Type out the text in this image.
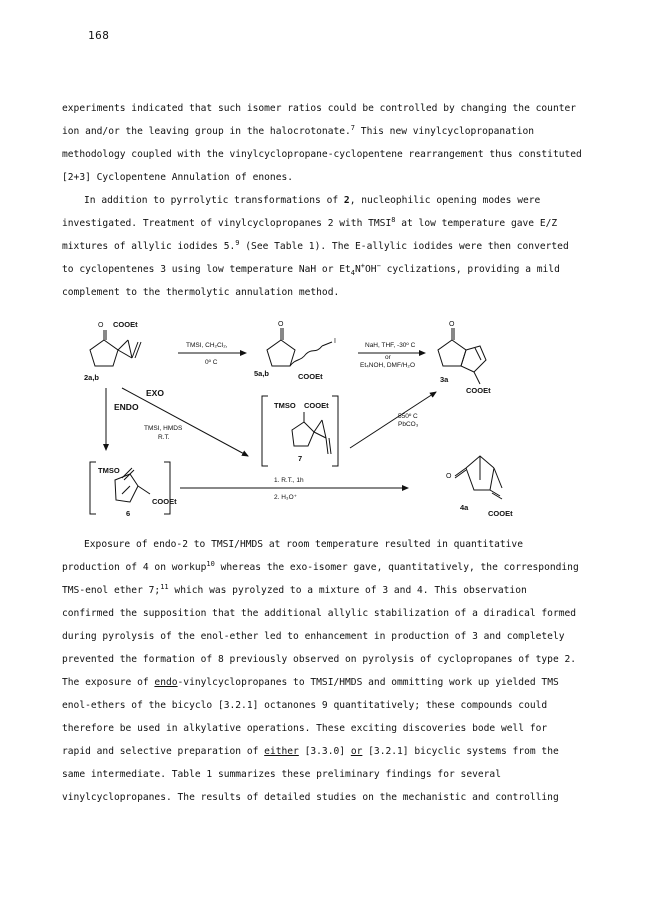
168
experiments indicated that such isomer ratios could be controlled by changing the counter
ion and/or the leaving group in the halocrotonate.$^7$ This new vinylcyclopropanation
methodology coupled with the vinylcyclopropane-cyclopentene rearrangement thus constituted
[2+3] Cyclopentene Annulation of enones.
In addition to pyrrolytic transformations of 2, nucleophilic opening modes were
investigated. Treatment of vinylcyclopropanes 2 with TMSI$^8$ at low temperature gave E/Z
mixtures of allylic iodides 5.$^9$ (See Table 1). The E-allylic iodides were then converted
to cyclopentenes 3 using low temperature NaH or $Et_4N^+OH^-$ cyclizations, providing a mild
complement to the thermolytic annulation method.
O COOEt
2a,b
TMSI, CH₂Cl₂,
0º C
O
I
5a,b	COOEt
NaH, THF, -30º C
or
Et₄NOH, DMF/H₂O
O
3a
COOEt
EXO
ENDO
TMSI, HMDS
R.T.
TMSO COOEt
7
550º C
PbCO₃
TMSO
COOEt
6
1. R.T., 1h
2. H₃O⁺
O
4a
COOEt
Exposure of endo-2 to TMSI/HMDS at room temperature resulted in quantitative
production of 4 on workup$^{10}$ whereas the exo-isomer gave, quantitatively, the corresponding
TMS-enol ether 7;$^{11}$ which was pyrolyzed to a mixture of 3 and 4. This observation
confirmed the supposition that the additional allylic stabilization of a diradical formed
during pyrolysis of the enol-ether led to enhancement in production of 3 and completely
prevented the formation of 8 previously observed on pyrolysis of cyclopropanes of type 2.
The exposure of endo-vinylcyclopropanes to TMSI/HMDS and ommitting work up yielded TMS
enol-ethers of the bicyclo [3.2.1] octanones 9 quantitatively; these compounds could
therefore be used in alkylative operations. These exciting discoveries bode well for
rapid and selective preparation of either [3.3.0] or [3.2.1] bicyclic systems from the
same intermediate. Table 1 summarizes these preliminary findings for several
vinylcyclopropanes. The results of detailed studies on the mechanistic and controlling
